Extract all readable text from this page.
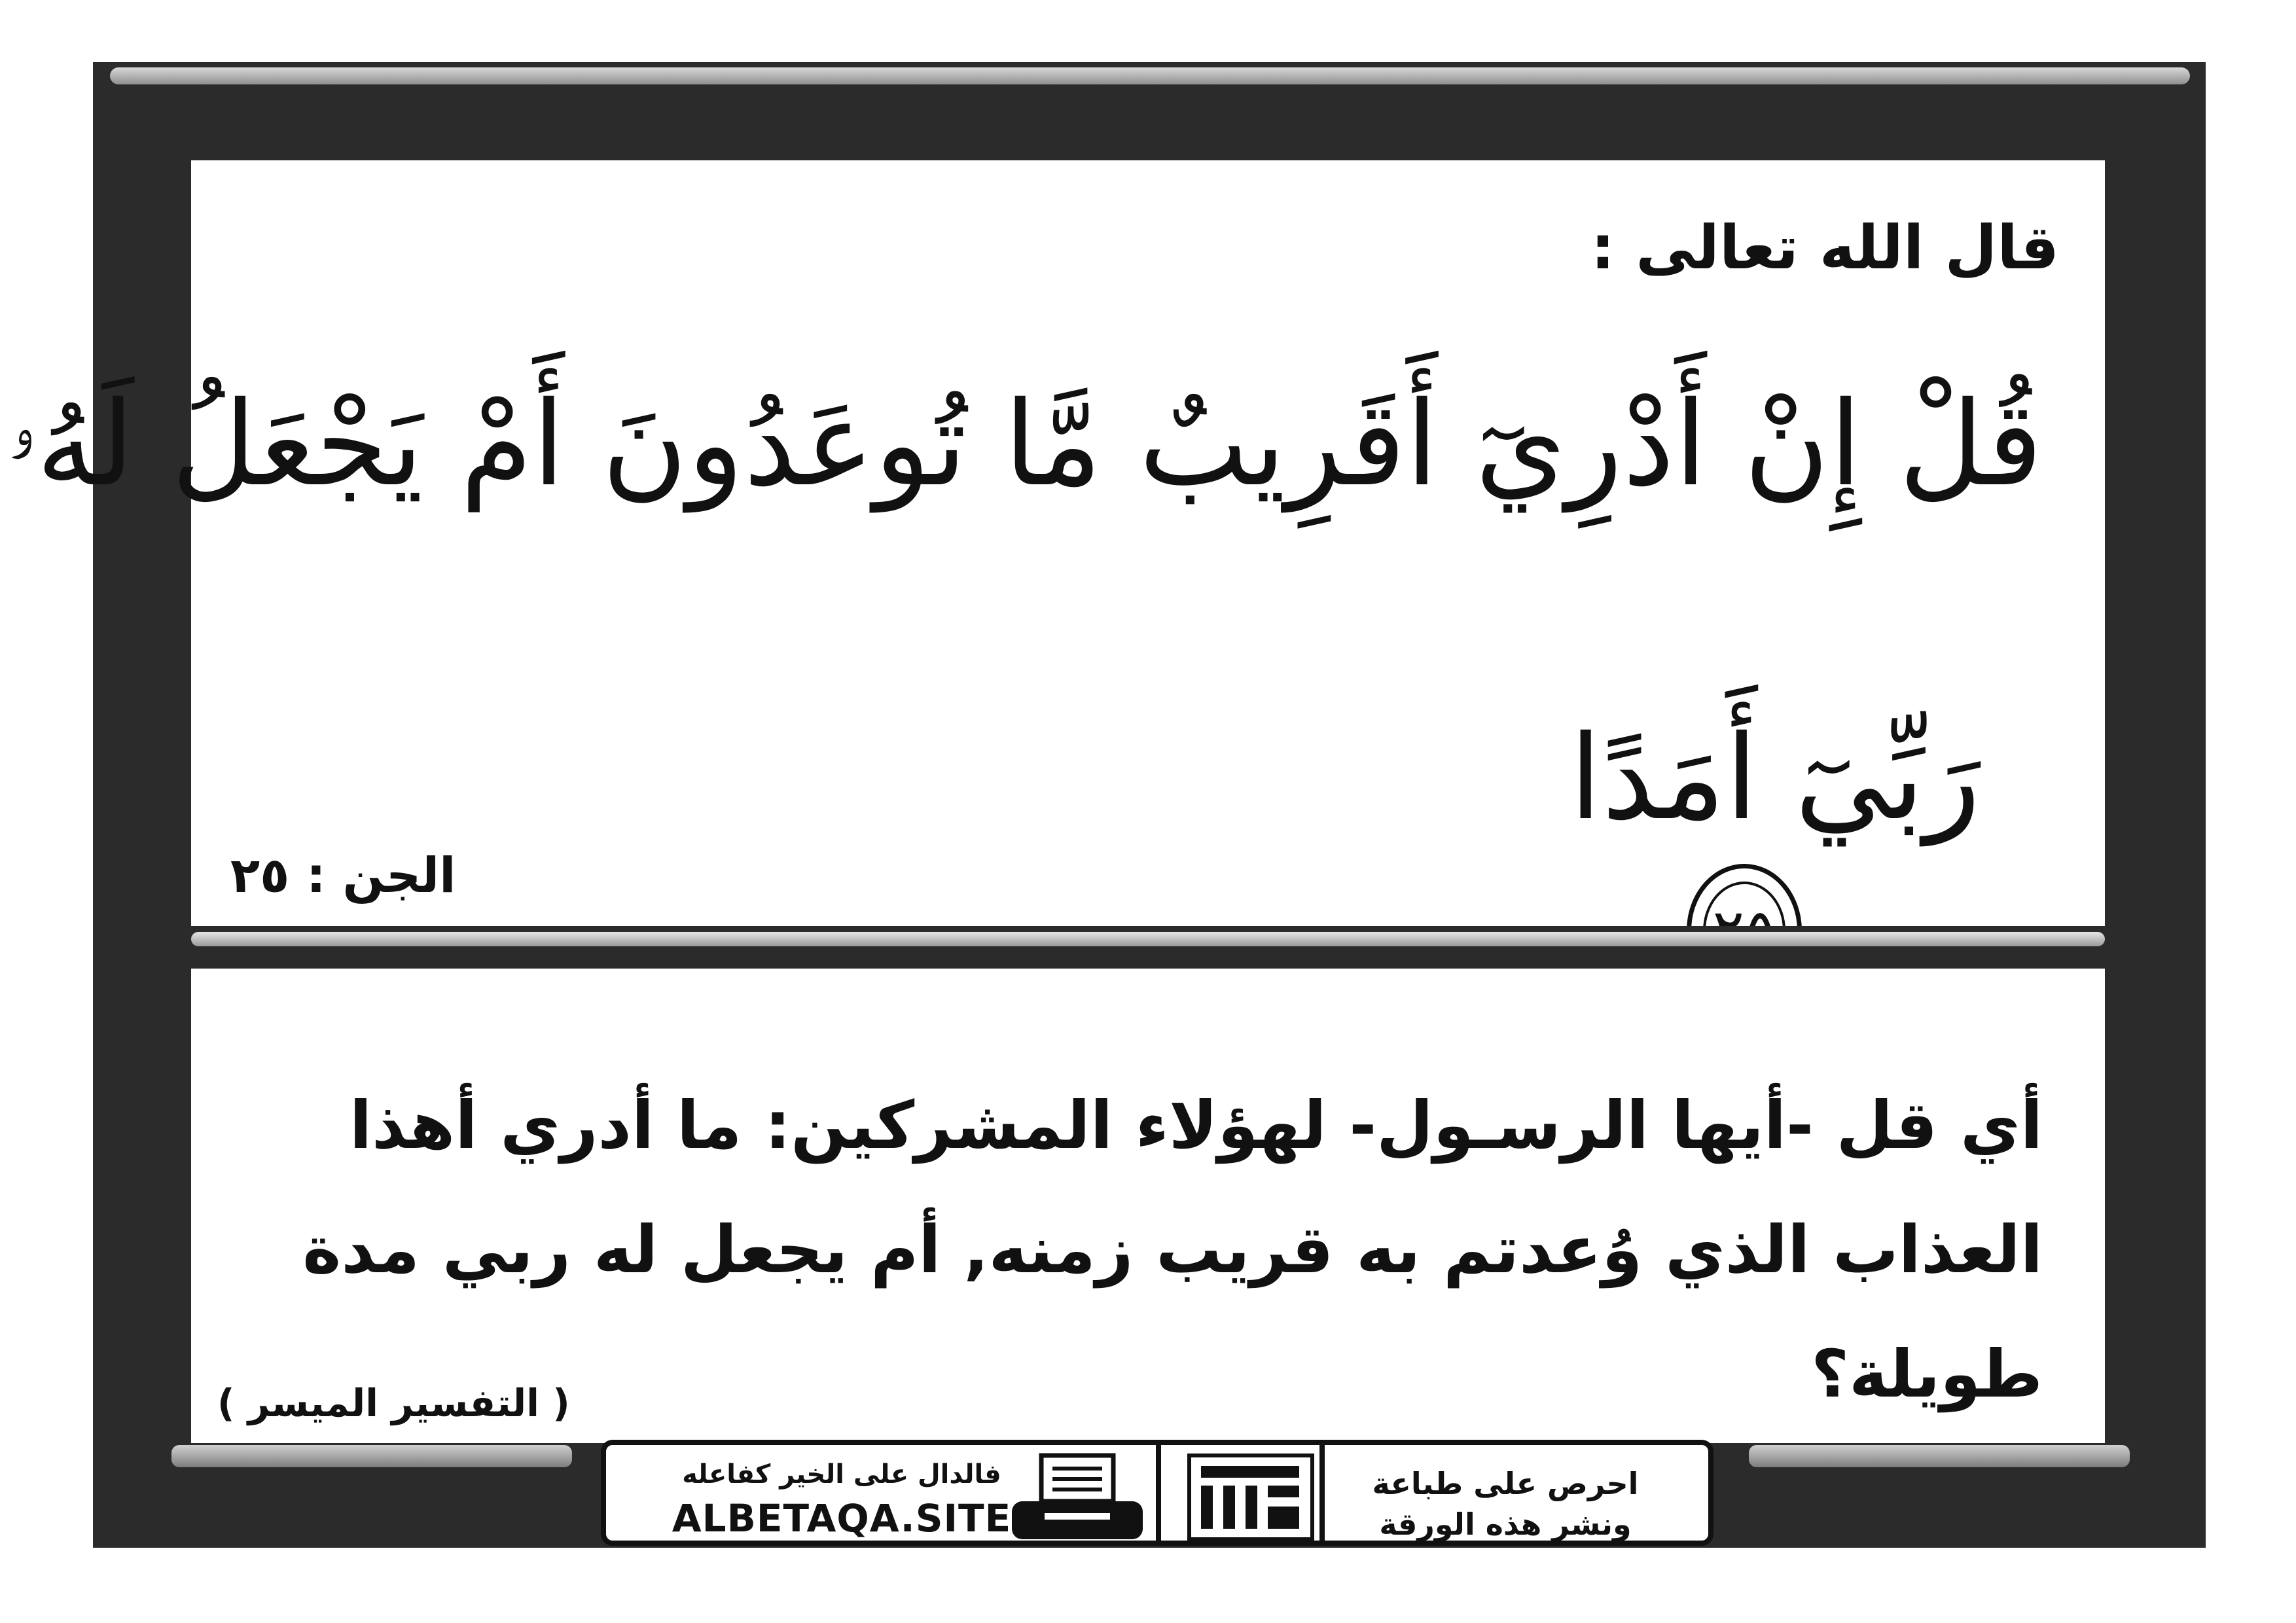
قال الله تعالى :
قُلْ إِنْ أَدْرِيٓ أَقَرِيبٌ مَّا تُوعَدُونَ أَمْ يَجْعَلُ لَهُۥ
رَبِّيٓ أَمَدًا
الجن : ٢٥
أي قل -أيها الرسـول- لهؤلاء المشركين: ما أدري أهذا العذاب الذي وُعدتم به قريب زمنه, أم يجعل له ربي مدة طويلة؟
( التفسير الميسر )
فالدال على الخير كفاعله
ALBETAQA.SITE
احرص على طباعة
ونشر هذه الورقة
